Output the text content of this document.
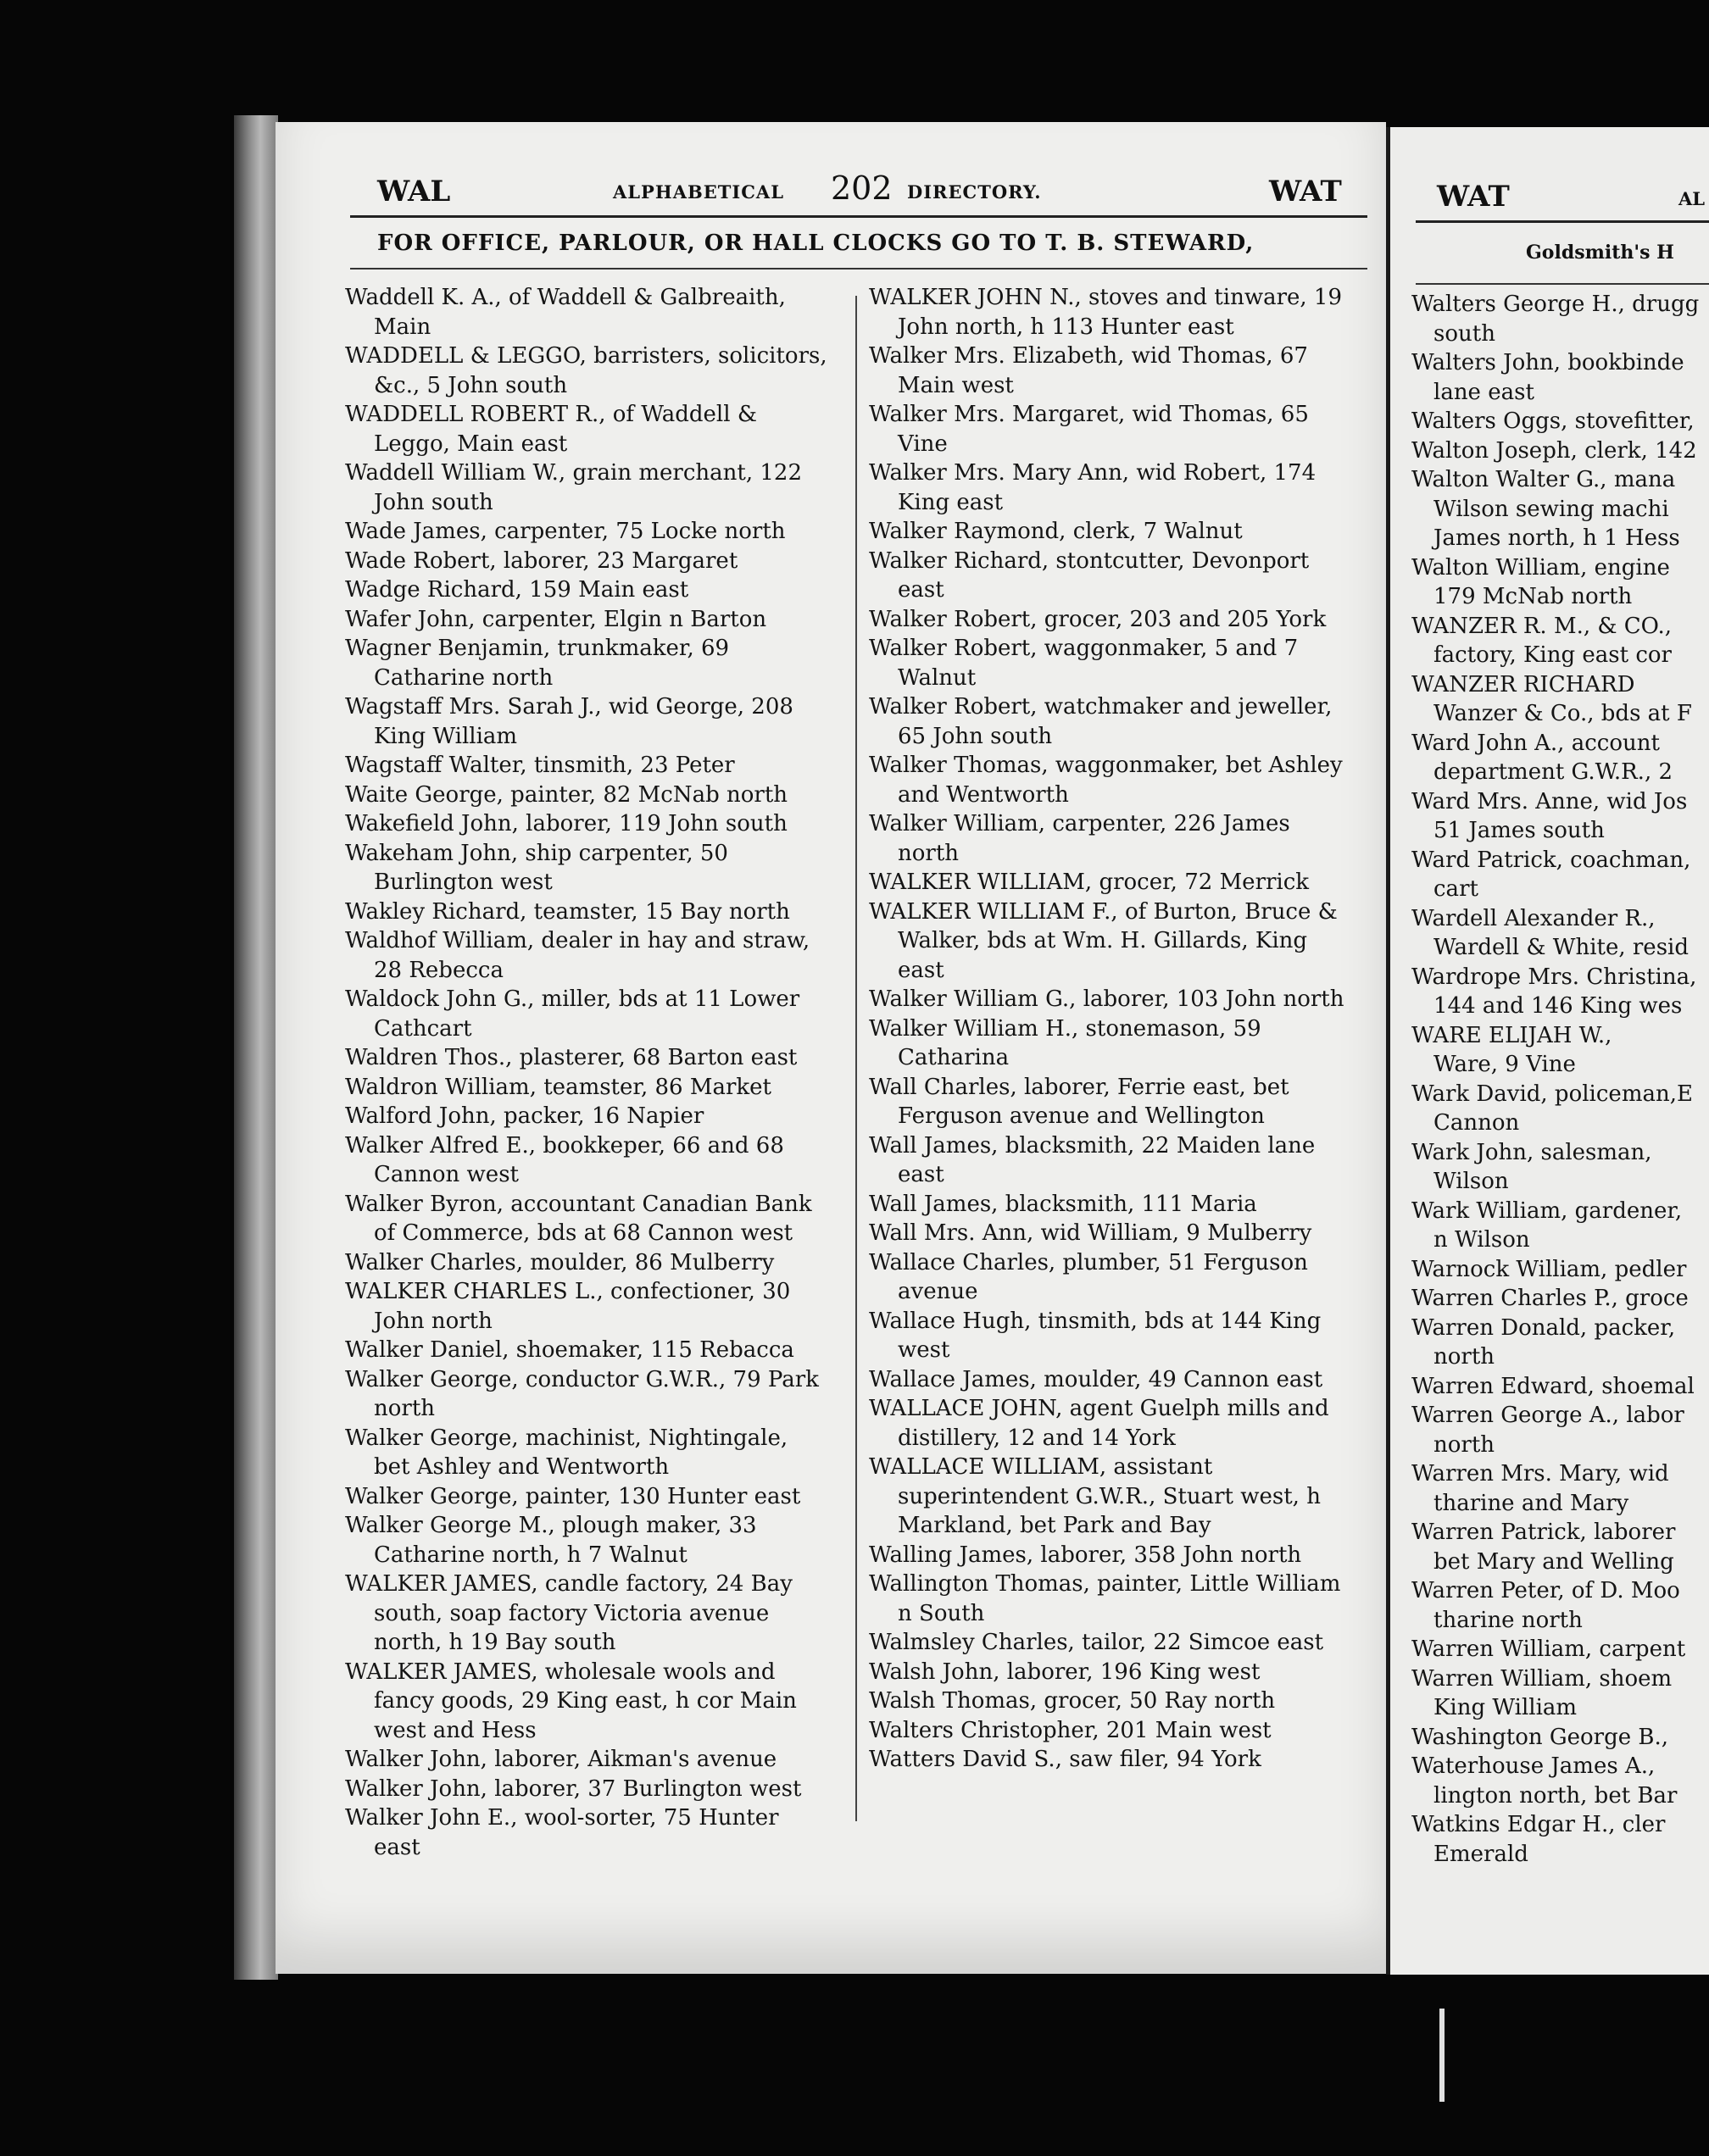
WAL	ALPHABETICAL 202 DIRECTORY.	WAT
FOR OFFICE, PARLOUR, OR HALL CLOCKS GO TO T. B. STEWARD,

Waddell K. A., of Waddell & Galbreaith, Main

WADDELL & LEGGO, barristers, solicitors, &c., 5 John south

WADDELL ROBERT R., of Waddell & Leggo, Main east

Waddell William W., grain merchant, 122 John south

Wade James, carpenter, 75 Locke north

Wade Robert, laborer, 23 Margaret

Wadge Richard, 159 Main east

Wafer John, carpenter, Elgin n Barton

Wagner Benjamin, trunkmaker, 69 Catharine north

Wagstaff Mrs. Sarah J., wid George, 208 King William

Wagstaff Walter, tinsmith, 23 Peter

Waite George, painter, 82 McNab north

Wakefield John, laborer, 119 John south

Wakeham John, ship carpenter, 50 Burlington west

Wakley Richard, teamster, 15 Bay north

Waldhof William, dealer in hay and straw, 28 Rebecca

Waldock John G., miller, bds at 11 Lower Cathcart

Waldren Thos., plasterer, 68 Barton east

Waldron William, teamster, 86 Market

Walford John, packer, 16 Napier

Walker Alfred E., bookkeper, 66 and 68 Cannon west

Walker Byron, accountant Canadian Bank of Commerce, bds at 68 Cannon west

Walker Charles, moulder, 86 Mulberry

WALKER CHARLES L., confectioner, 30 John north

Walker Daniel, shoemaker, 115 Rebacca

Walker George, conductor G.W.R., 79 Park north

Walker George, machinist, Nightingale, bet Ashley and Wentworth

Walker George, painter, 130 Hunter east

Walker George M., plough maker, 33 Catharine north, h 7 Walnut

WALKER JAMES, candle factory, 24 Bay south, soap factory Victoria avenue north, h 19 Bay south

WALKER JAMES, wholesale wools and fancy goods, 29 King east, h cor Main west and Hess

Walker John, laborer, Aikman's avenue

Walker John, laborer, 37 Burlington west

Walker John E., wool-sorter, 75 Hunter east

WALKER JOHN N., stoves and tinware, 19 John north, h 113 Hunter east

Walker Mrs. Elizabeth, wid Thomas, 67 Main west

Walker Mrs. Margaret, wid Thomas, 65 Vine

Walker Mrs. Mary Ann, wid Robert, 174 King east

Walker Raymond, clerk, 7 Walnut

Walker Richard, stontcutter, Devonport east

Walker Robert, grocer, 203 and 205 York

Walker Robert, waggonmaker, 5 and 7 Walnut

Walker Robert, watchmaker and jeweller, 65 John south

Walker Thomas, waggonmaker, bet Ashley and Wentworth

Walker William, carpenter, 226 James north

WALKER WILLIAM, grocer, 72 Merrick

WALKER WILLIAM F., of Burton, Bruce & Walker, bds at Wm. H. Gillards, King east

Walker William G., laborer, 103 John north

Walker William H., stonemason, 59 Catharina

Wall Charles, laborer, Ferrie east, bet Ferguson avenue and Wellington

Wall James, blacksmith, 22 Maiden lane east

Wall James, blacksmith, 111 Maria

Wall Mrs. Ann, wid William, 9 Mulberry

Wallace Charles, plumber, 51 Ferguson avenue

Wallace Hugh, tinsmith, bds at 144 King west

Wallace James, moulder, 49 Cannon east

WALLACE JOHN, agent Guelph mills and distillery, 12 and 14 York

WALLACE WILLIAM, assistant superintendent G.W.R., Stuart west, h Markland, bet Park and Bay

Walling James, laborer, 358 John north

Wallington Thomas, painter, Little William n South

Walmsley Charles, tailor, 22 Simcoe east

Walsh John, laborer, 196 King west

Walsh Thomas, grocer, 50 Ray north

Walters Christopher, 201 Main west

Watters David S., saw filer, 94 York

WAT	AL
Goldsmith's H
Walters George H., drugg
 south
Walters John, bookbinde
 lane east
Walters Oggs, stovefitter,
Walton Joseph, clerk, 142
Walton Walter G., mana
 Wilson sewing machi
 James north, h 1 Hess
Walton William, engine
 179 McNab north
WANZER R. M., & CO.,
 factory, King east cor
WANZER RICHARD
 Wanzer & Co., bds at F
Ward John A., account
 department G.W.R., 2
Ward Mrs. Anne, wid Jos
 51 James south
Ward Patrick, coachman,
 cart
Wardell Alexander R.,
 Wardell & White, resid
Wardrope Mrs. Christina,
 144 and 146 King wes
WARE ELIJAH W.,
 Ware, 9 Vine
Wark David, policeman,E
 Cannon
Wark John, salesman,
 Wilson
Wark William, gardener,
 n Wilson
Warnock William, pedler
Warren Charles P., groce
Warren Donald, packer,
 north
Warren Edward, shoemal
Warren George A., labor
 north
Warren Mrs. Mary, wid
 tharine and Mary
Warren Patrick, laborer
 bet Mary and Welling
Warren Peter, of D. Moo
 tharine north
Warren William, carpent
Warren William, shoem
 King William
Washington George B.,
Waterhouse James A.,
 lington north, bet Bar
Watkins Edgar H., cler
 Emerald
